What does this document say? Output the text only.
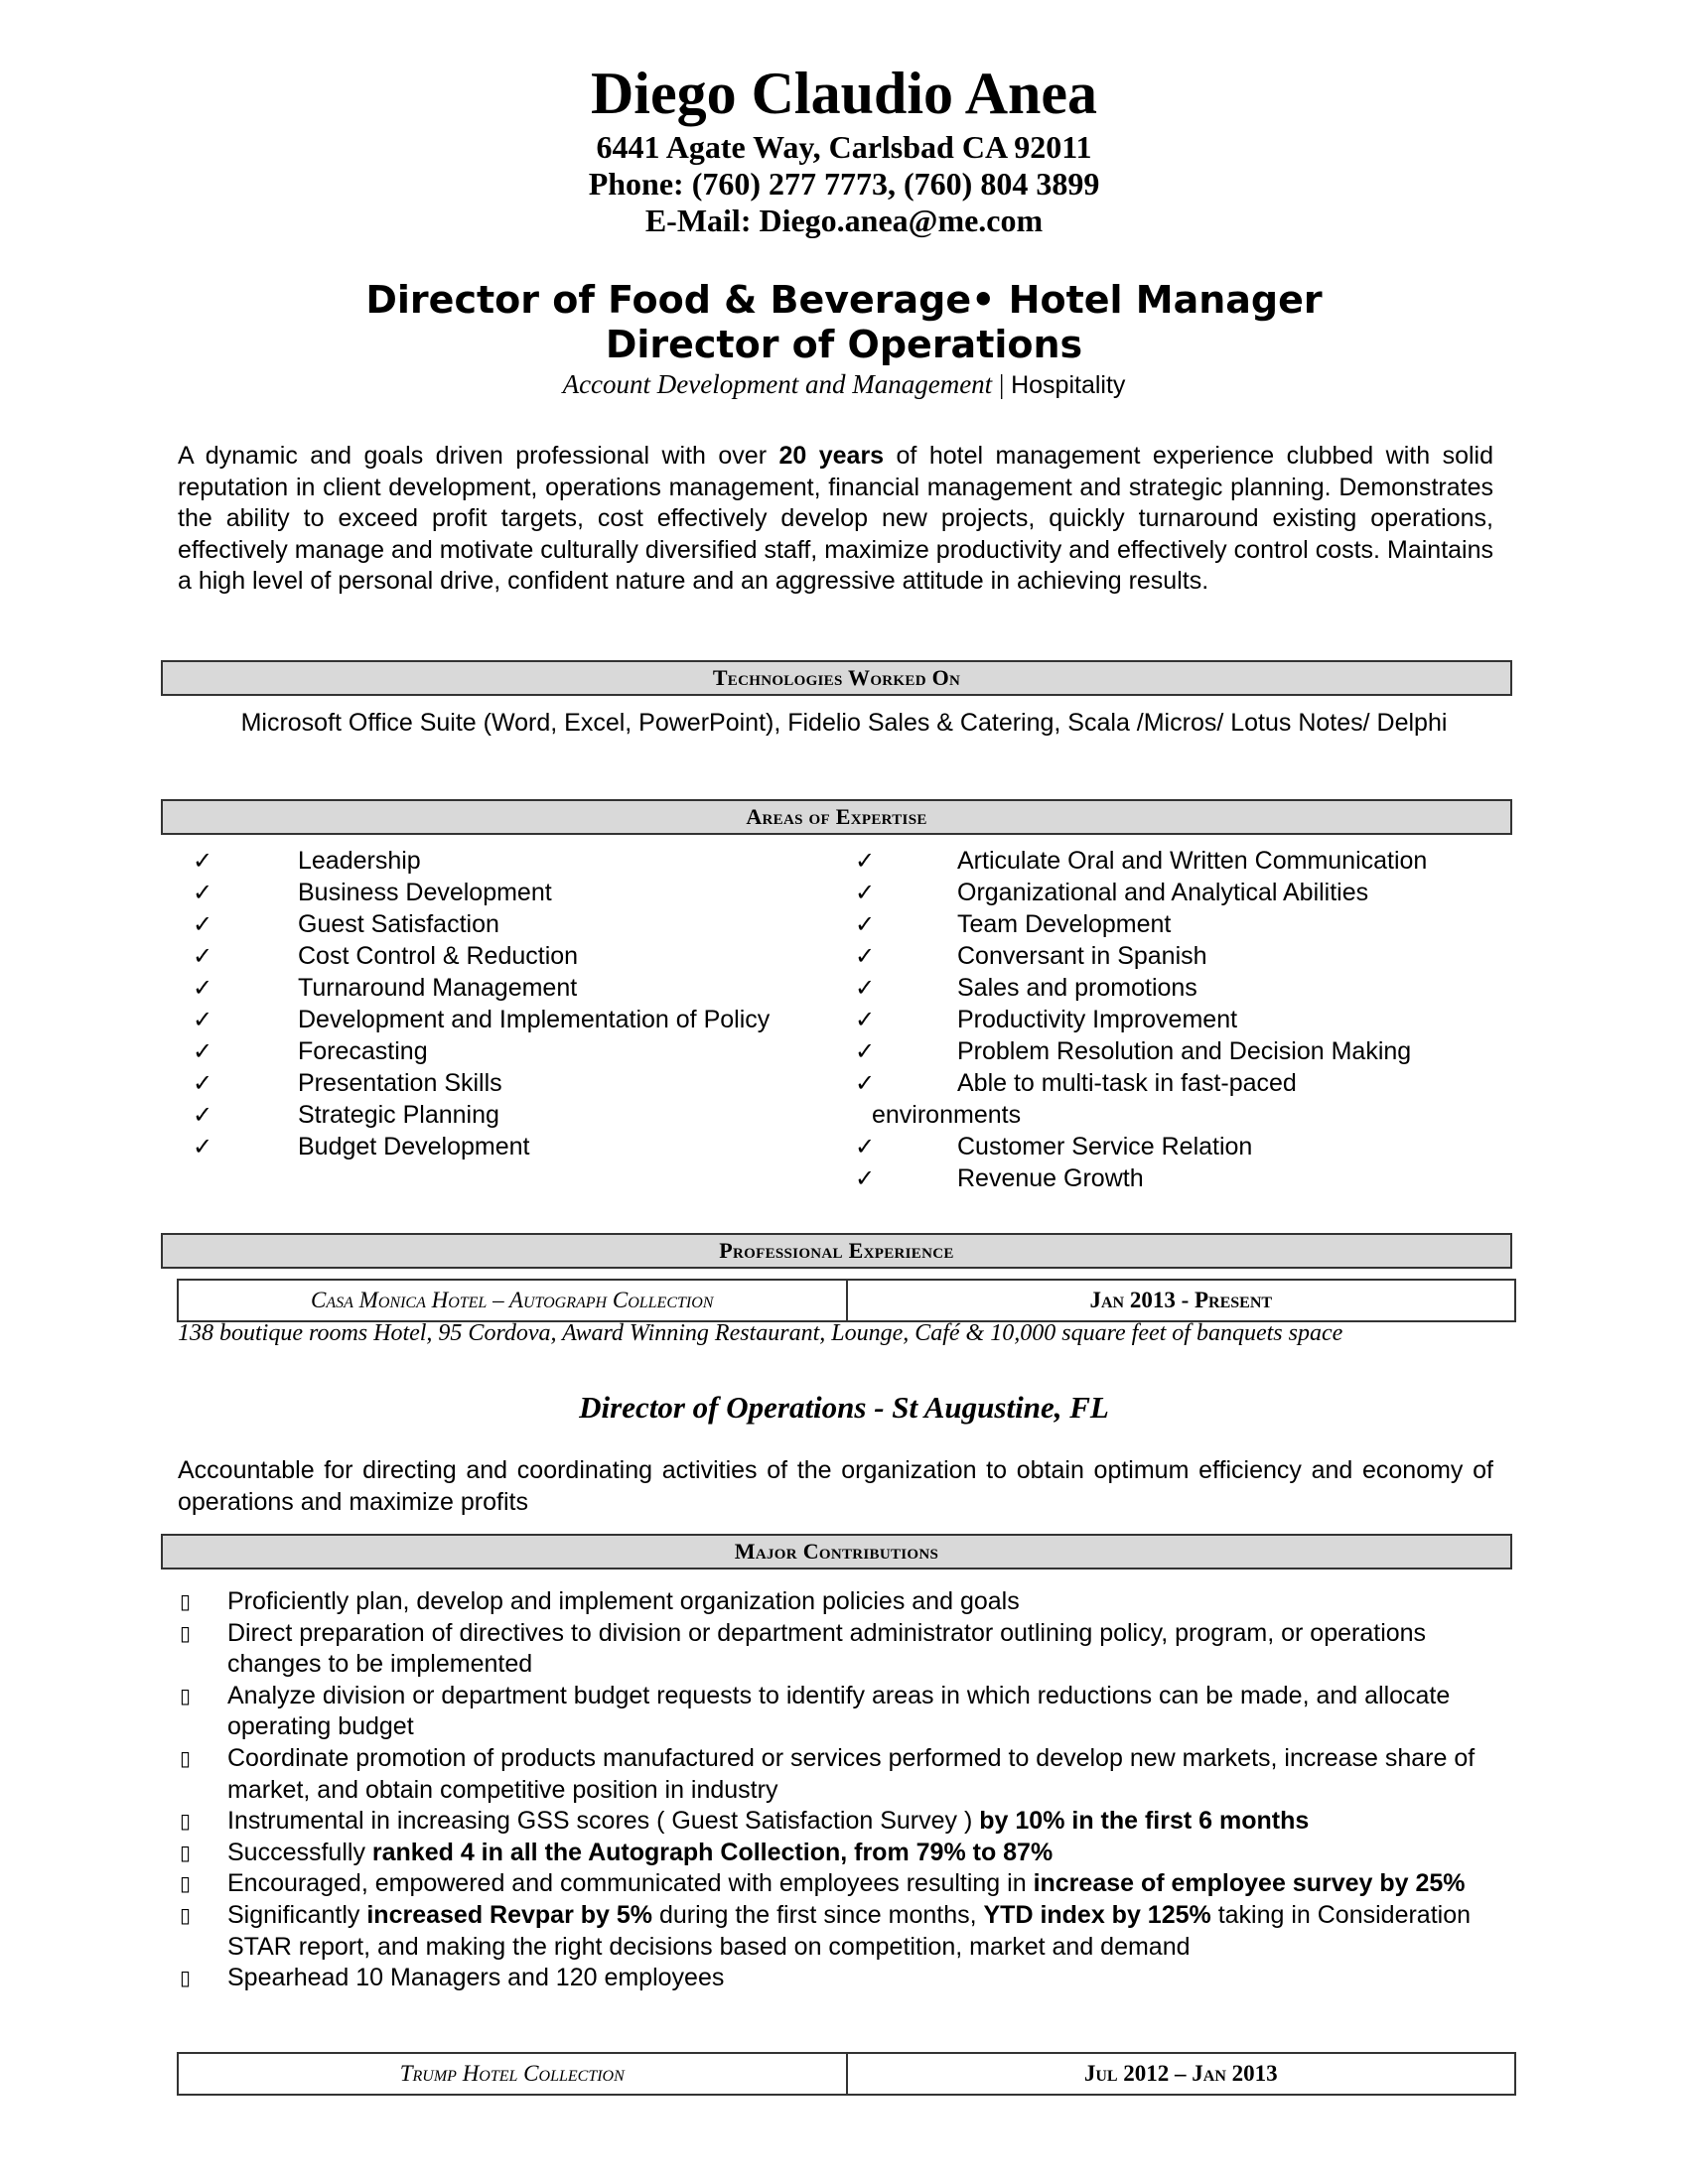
Diego Claudio Anea
6441 Agate Way, Carlsbad CA 92011
Phone: (760) 277 7773, (760) 804 3899
E-Mail: Diego.anea@me.com
Director of Food & Beverage• Hotel Manager
Director of Operations
Account Development and Management | Hospitality
A dynamic and goals driven professional with over 20 years of hotel management experience clubbed with solid reputation in client development, operations management, financial management and strategic planning. Demonstrates the ability to exceed profit targets, cost effectively develop new projects, quickly turnaround existing operations, effectively manage and motivate culturally diversified staff, maximize productivity and effectively control costs. Maintains a high level of personal drive, confident nature and an aggressive attitude in achieving results.
Technologies Worked On
Microsoft Office Suite (Word, Excel, PowerPoint), Fidelio Sales & Catering, Scala /Micros/ Lotus Notes/ Delphi
Areas of Expertise
✓	Leadership
✓	Business Development
✓	Guest Satisfaction
✓	Cost Control & Reduction
✓	Turnaround Management
✓	Development and Implementation of Policy
✓	Forecasting
✓	Presentation Skills
✓	Strategic Planning
✓	Budget Development
✓	Articulate Oral and Written Communication
✓	Organizational and Analytical Abilities
✓	Team Development
✓	Conversant in Spanish
✓	Sales and promotions
✓	Productivity Improvement
✓	Problem Resolution and Decision Making
✓	Able to multi-task in fast-paced
environments
✓	Customer Service Relation
✓	Revenue Growth
Professional Experience
Casa Monica Hotel – Autograph Collection	Jan 2013 - Present
138 boutique rooms Hotel, 95 Cordova, Award Winning Restaurant, Lounge, Café & 10,000 square feet of banquets space
Director of Operations - St Augustine, FL
Accountable for directing and coordinating activities of the organization to obtain optimum efficiency and economy of operations and maximize profits
Major Contributions
▯ Proficiently plan, develop and implement organization policies and goals
▯ Direct preparation of directives to division or department administrator outlining policy, program, or operations changes to be implemented
▯ Analyze division or department budget requests to identify areas in which reductions can be made, and allocate operating budget
▯ Coordinate promotion of products manufactured or services performed to develop new markets, increase share of market, and obtain competitive position in industry
▯ Instrumental in increasing GSS scores ( Guest Satisfaction Survey ) by 10% in the first 6 months
▯ Successfully ranked 4 in all the Autograph Collection, from 79% to 87%
▯ Encouraged, empowered and communicated with employees resulting in increase of employee survey by 25%
▯ Significantly increased Revpar by 5% during the first since months, YTD index by 125% taking in Consideration STAR report, and making the right decisions based on competition, market and demand
▯ Spearhead 10 Managers and 120 employees
Trump Hotel Collection	Jul 2012 – Jan 2013
